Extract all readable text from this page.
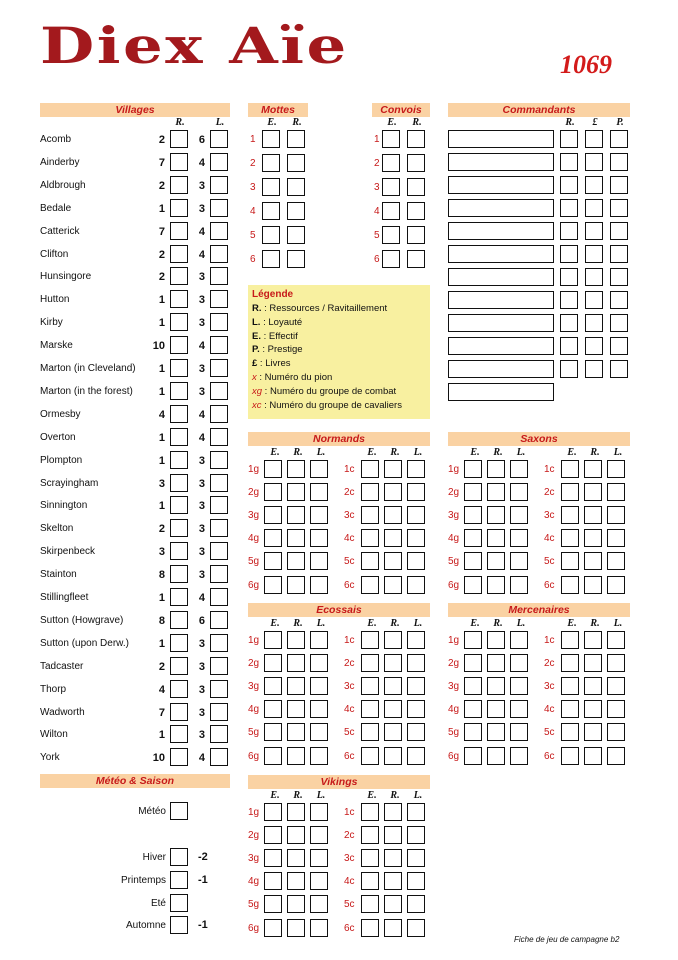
Diex Aïe	1069
Fiche de jeu de campagne b2
Villages
R.	L.
Acomb	2	6
Ainderby	7	4
Aldbrough	2	3
Bedale	1	3
Catterick	7	4
Clifton	2	4
Hunsingore	2	3
Hutton	1	3
Kirby	1	3
Marske	10	4
Marton (in Cleveland)	1	3
Marton (in the forest)	1	3
Ormesby	4	4
Overton	1	4
Plompton	1	3
Scrayingham	3	3
Sinnington	1	3
Skelton	2	3
Skirpenbeck	3	3
Stainton	8	3
Stillingfleet	1	4
Sutton (Howgrave)	8	6
Sutton (upon Derw.)	1	3
Tadcaster	2	3
Thorp	4	3
Wadworth	7	3
Wilton	1	3
York	10	4
Mottes
E.	R.
1
2
3
4
5
6
Convois
E.	R.
1
2
3
4
5
6
Commandants
R.	£	P.
Légende
R. : Ressources / Ravitaillement
L. : Loyauté
E. : Effectif
P. : Prestige
£ : Livres
x : Numéro du pion
xg : Numéro du groupe de combat
xc : Numéro du groupe de cavaliers
Normands
E.	R.	L.
1g
2g
3g
4g
5g
6g
E.	R.	L.
1c
2c
3c
4c
5c
6c
Saxons
E.	R.	L.
1g
2g
3g
4g
5g
6g
E.	R.	L.
1c
2c
3c
4c
5c
6c
Ecossais
E.	R.	L.
1g
2g
3g
4g
5g
6g
E.	R.	L.
1c
2c
3c
4c
5c
6c
Mercenaires
E.	R.	L.
1g
2g
3g
4g
5g
6g
E.	R.	L.
1c
2c
3c
4c
5c
6c
Vikings
E.	R.	L.
1g
2g
3g
4g
5g
6g
E.	R.	L.
1c
2c
3c
4c
5c
6c
Météo & Saison
Météo
Hiver	-2
Printemps	-1
Eté
Automne	-1
